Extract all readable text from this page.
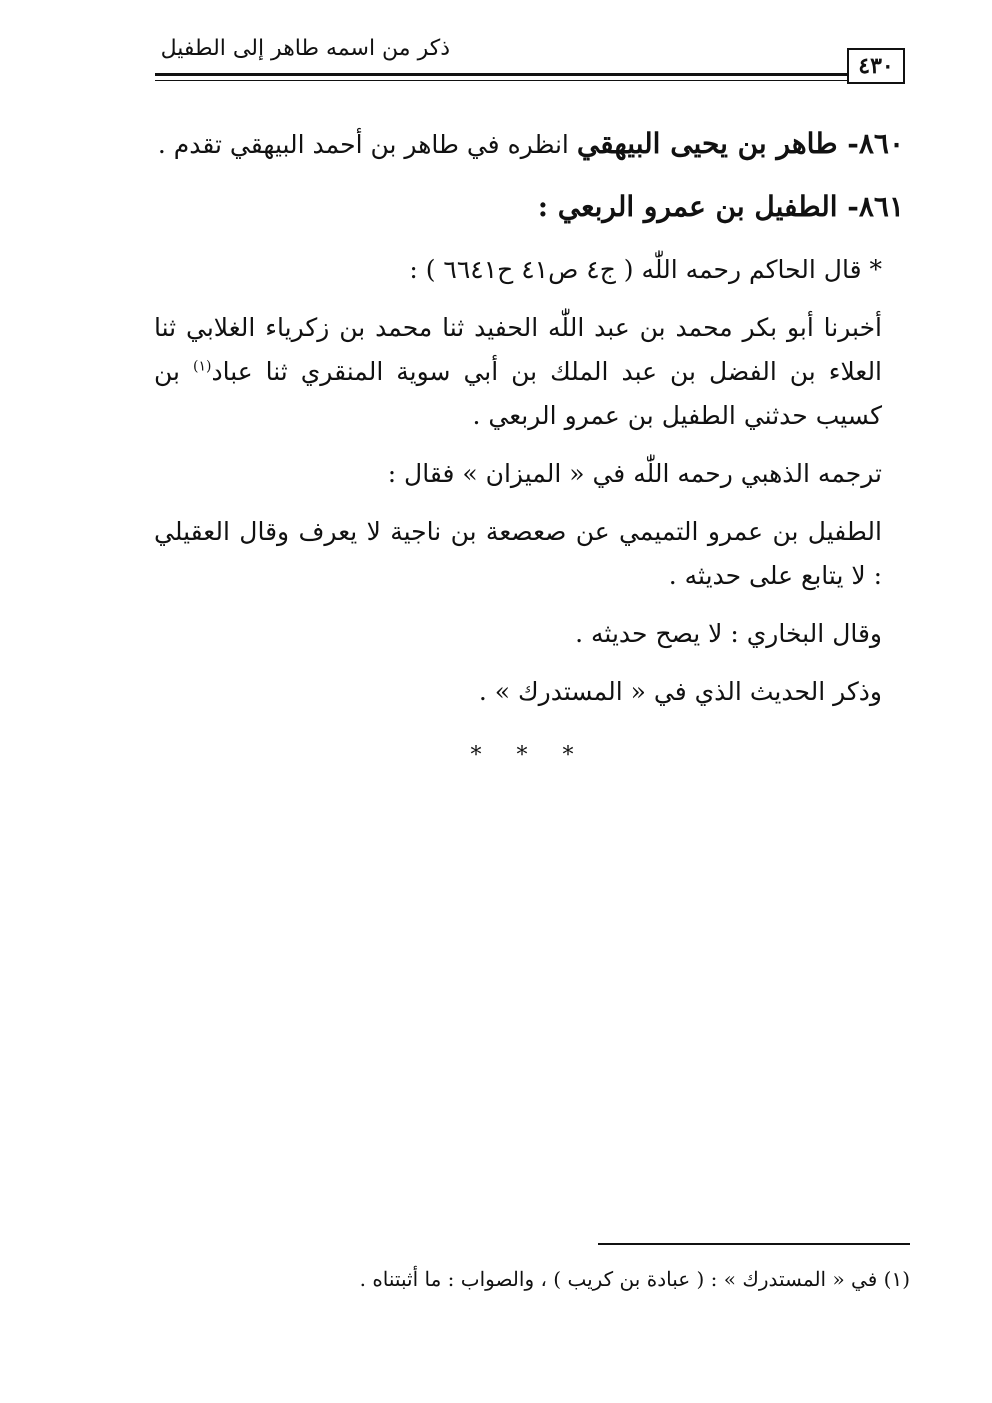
ذكر من اسمه طاهر إلى الطفيل
٤٣٠

٨٦٠- طاهر بن يحيى البيهقي انظره في طاهر بن أحمد البيهقي تقدم .

٨٦١- الطفيل بن عمرو الربعي :

* قال الحاكم رحمه اللّٰه ( ج٤ ص٤١ ح٦٦٤١ ) :

أخبرنا أبو بكر محمد بن عبد اللّٰه الحفيد ثنا محمد بن زكرياء الغلابي ثنا العلاء بن الفضل بن عبد الملك بن أبي سوية المنقري ثنا عباد$^{(١)}$ بن كسيب حدثني الطفيل بن عمرو الربعي .

ترجمه الذهبي رحمه اللّٰه في « الميزان » فقال :

الطفيل بن عمرو التميمي عن صعصعة بن ناجية لا يعرف وقال العقيلي : لا يتابع على حديثه .

وقال البخاري : لا يصح حديثه .

وذكر الحديث الذي في « المستدرك » .

* * *
(١) في « المستدرك » : ( عبادة بن كريب ) ، والصواب : ما أثبتناه .
